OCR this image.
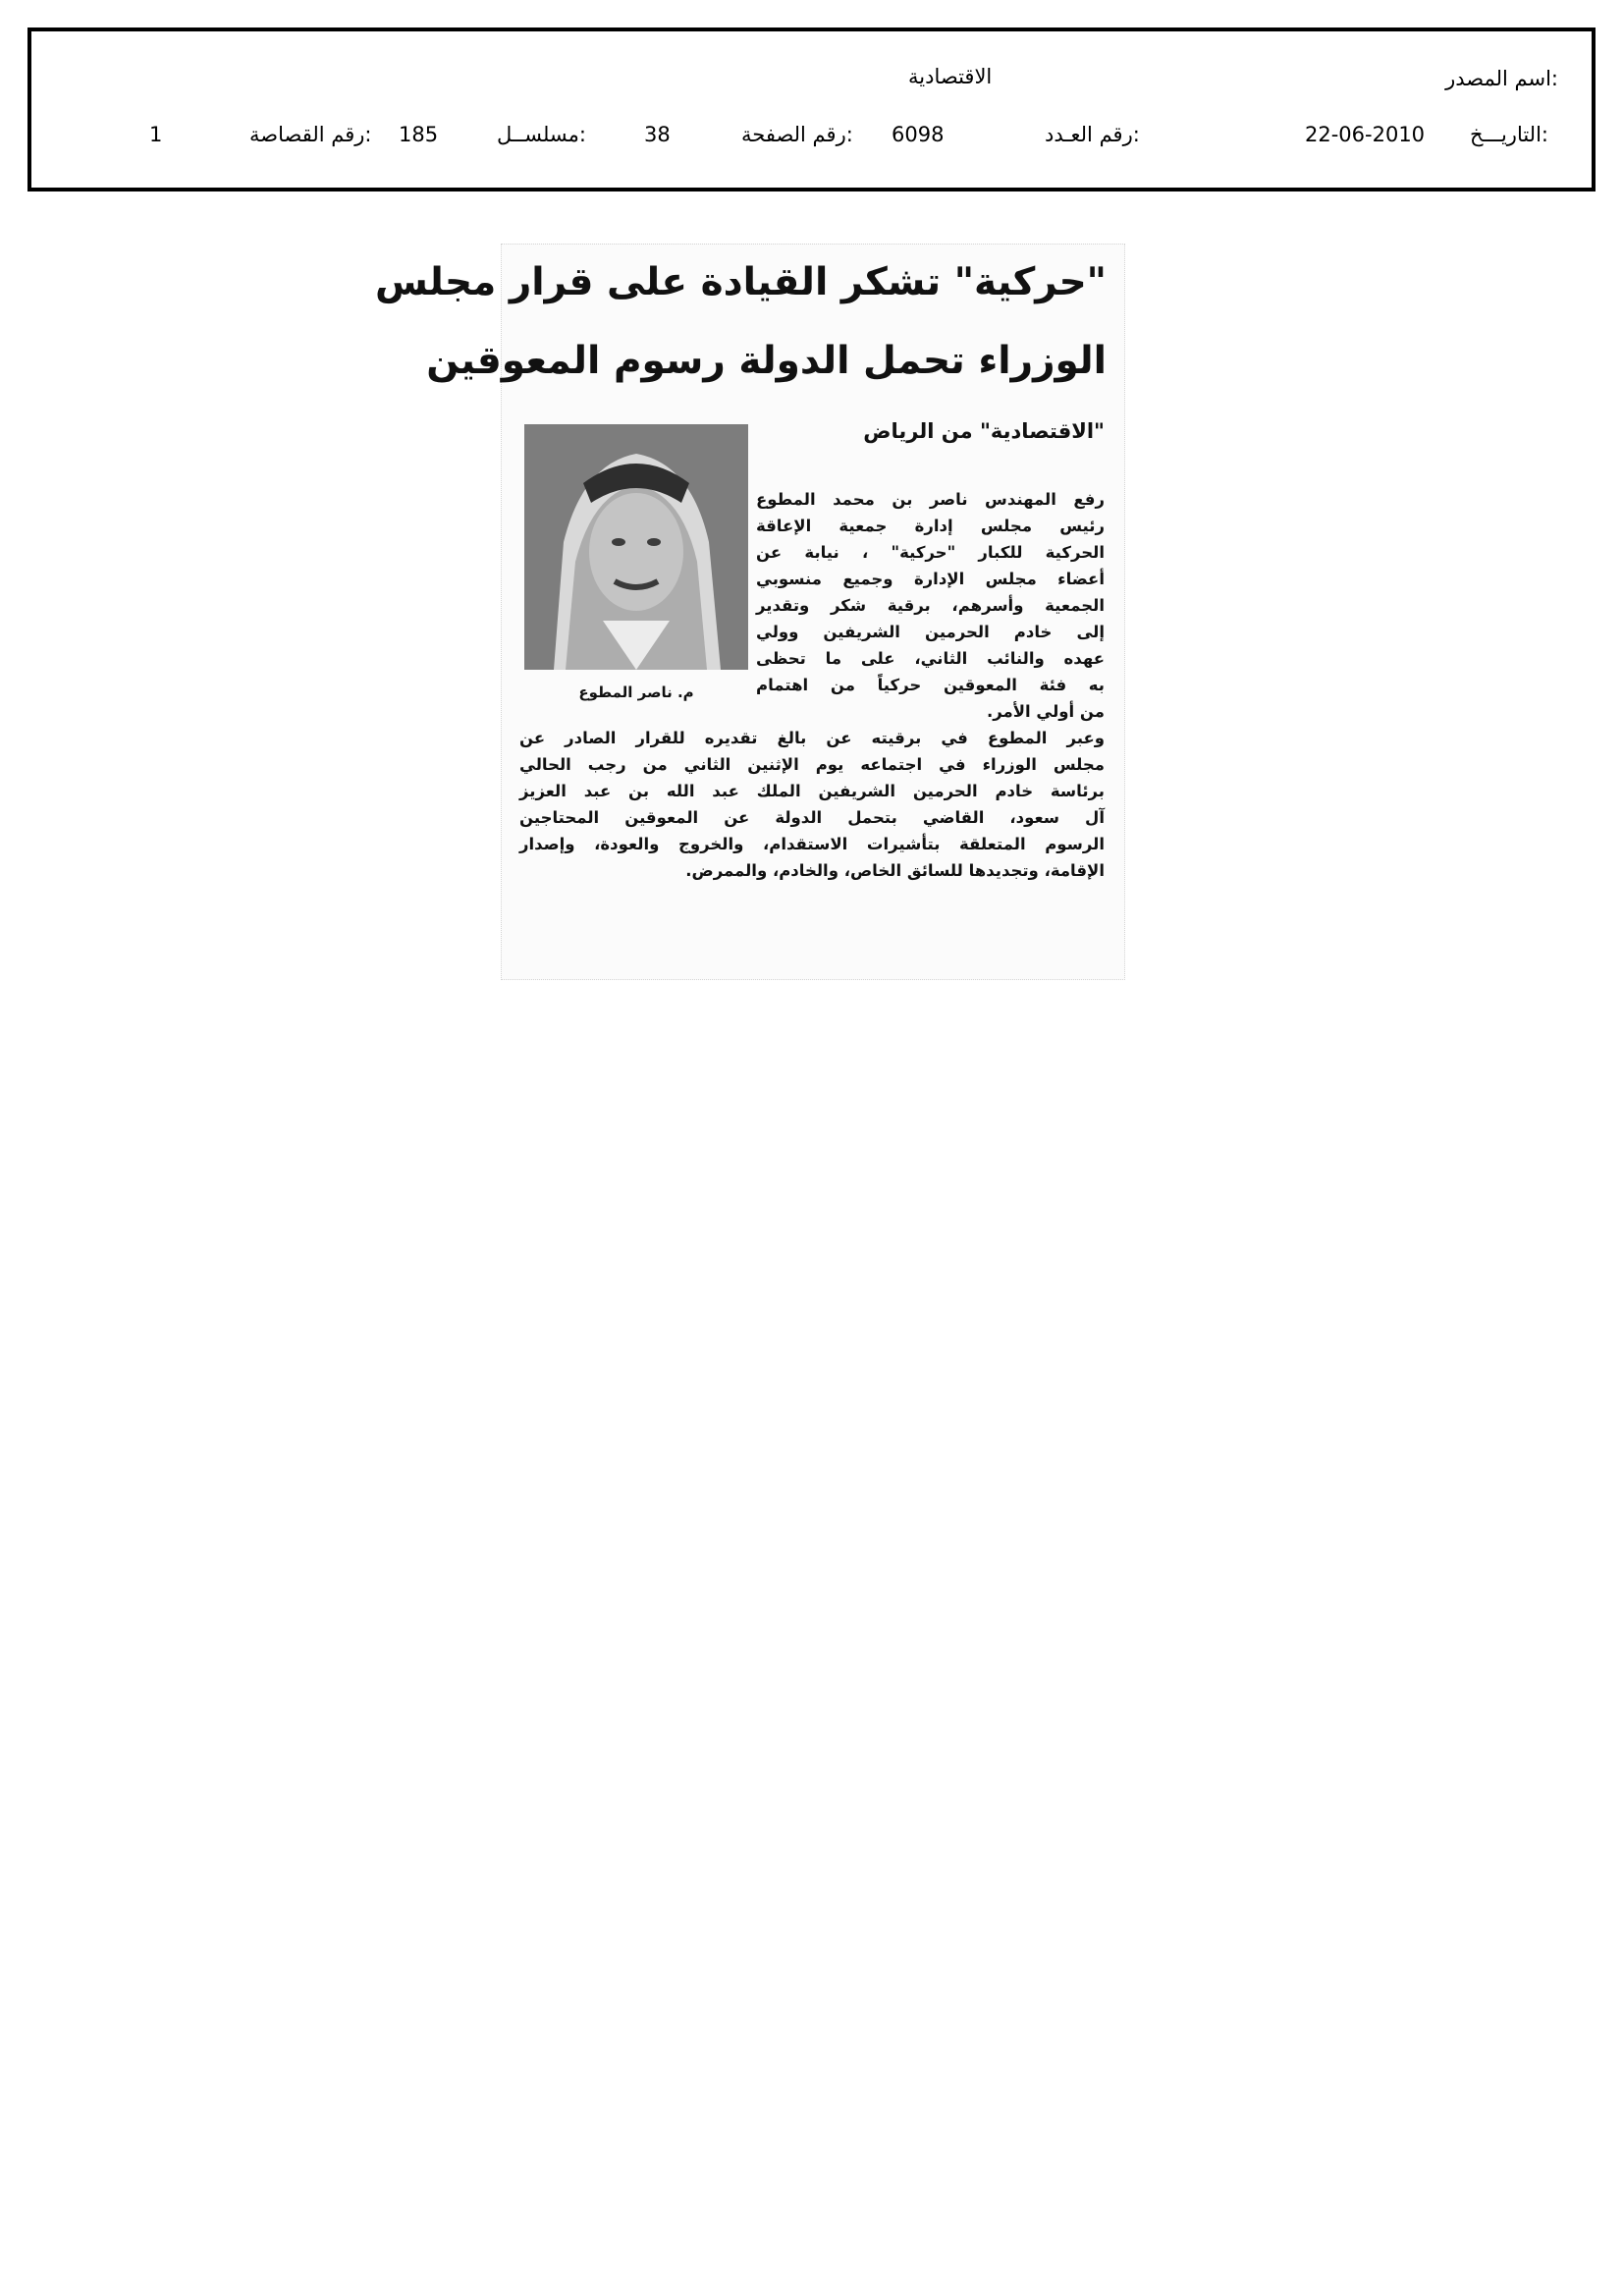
اسم المصدر:
الاقتصادية
التاريـــخ:
22-06-2010
رقم العـدد:
6098
رقم الصفحة:
38
مسلســل:
185
رقم القصاصة:
1
"حركية" تشكر القيادة على قرار مجلس
الوزراء تحمل الدولة رسوم المعوقين
"الاقتصادية" من الرياض
م. ناصر المطوع
رفع المهندس ناصر بن محمد المطوع
رئيس مجلس إدارة جمعية الإعاقة
الحركية للكبار "حركية" ، نيابة عن
أعضاء مجلس الإدارة وجميع منسوبي
الجمعية وأسرهم، برقية شكر وتقدير
إلى خادم الحرمين الشريفين وولي
عهده والنائب الثاني، على ما تحظى
به فئة المعوقين حركياً من اهتمام
من أولي الأمر.
وعبر المطوع في برقيته عن بالغ تقديره للقرار الصادر عن
مجلس الوزراء في اجتماعه يوم الإثنين الثاني من رجب الحالي
برئاسة خادم الحرمين الشريفين الملك عبد الله بن عبد العزيز
آل سعود، القاضي بتحمل الدولة عن المعوقين المحتاجين
الرسوم المتعلقة بتأشيرات الاستقدام، والخروج والعودة، وإصدار
الإقامة، وتجديدها للسائق الخاص، والخادم، والممرض.
